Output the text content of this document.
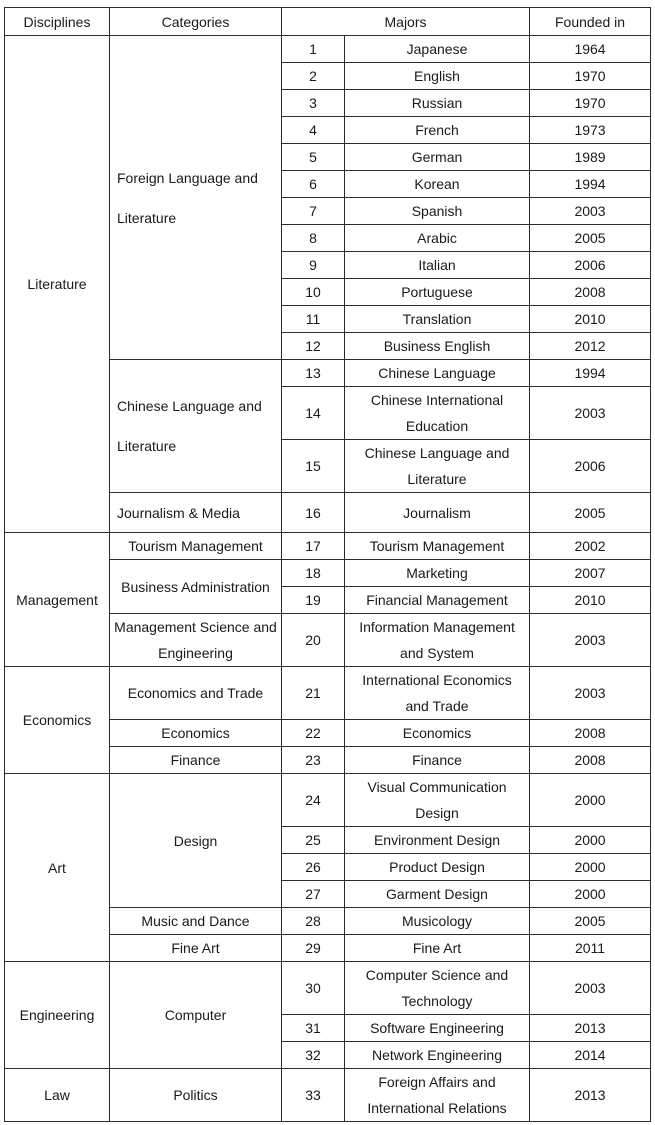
Disciplines	Categories	Majors		Founded in
Literature	Foreign Language and Literature	1	Japanese	1964
		2	English	1970
		3	Russian	1970
		4	French	1973
		5	German	1989
		6	Korean	1994
		7	Spanish	2003
		8	Arabic	2005
		9	Italian	2006
		10	Portuguese	2008
		11	Translation	2010
		12	Business English	2012
	Chinese Language and Literature	13	Chinese Language	1994
		14	Chinese International Education	2003
		15	Chinese Language and Literature	2006
	Journalism & Media	16	Journalism	2005
Management	Tourism Management	17	Tourism Management	2002
	Business Administration	18	Marketing	2007
		19	Financial Management	2010
	Management Science and Engineering	20	Information Management and System	2003
Economics	Economics and Trade	21	International Economics and Trade	2003
	Economics	22	Economics	2008
	Finance	23	Finance	2008
Art	Design	24	Visual Communication Design	2000
		25	Environment Design	2000
		26	Product Design	2000
		27	Garment Design	2000
	Music and Dance	28	Musicology	2005
	Fine Art	29	Fine Art	2011
Engineering	Computer	30	Computer Science and Technology	2003
		31	Software Engineering	2013
		32	Network Engineering	2014
Law	Politics	33	Foreign Affairs and International Relations	2013
